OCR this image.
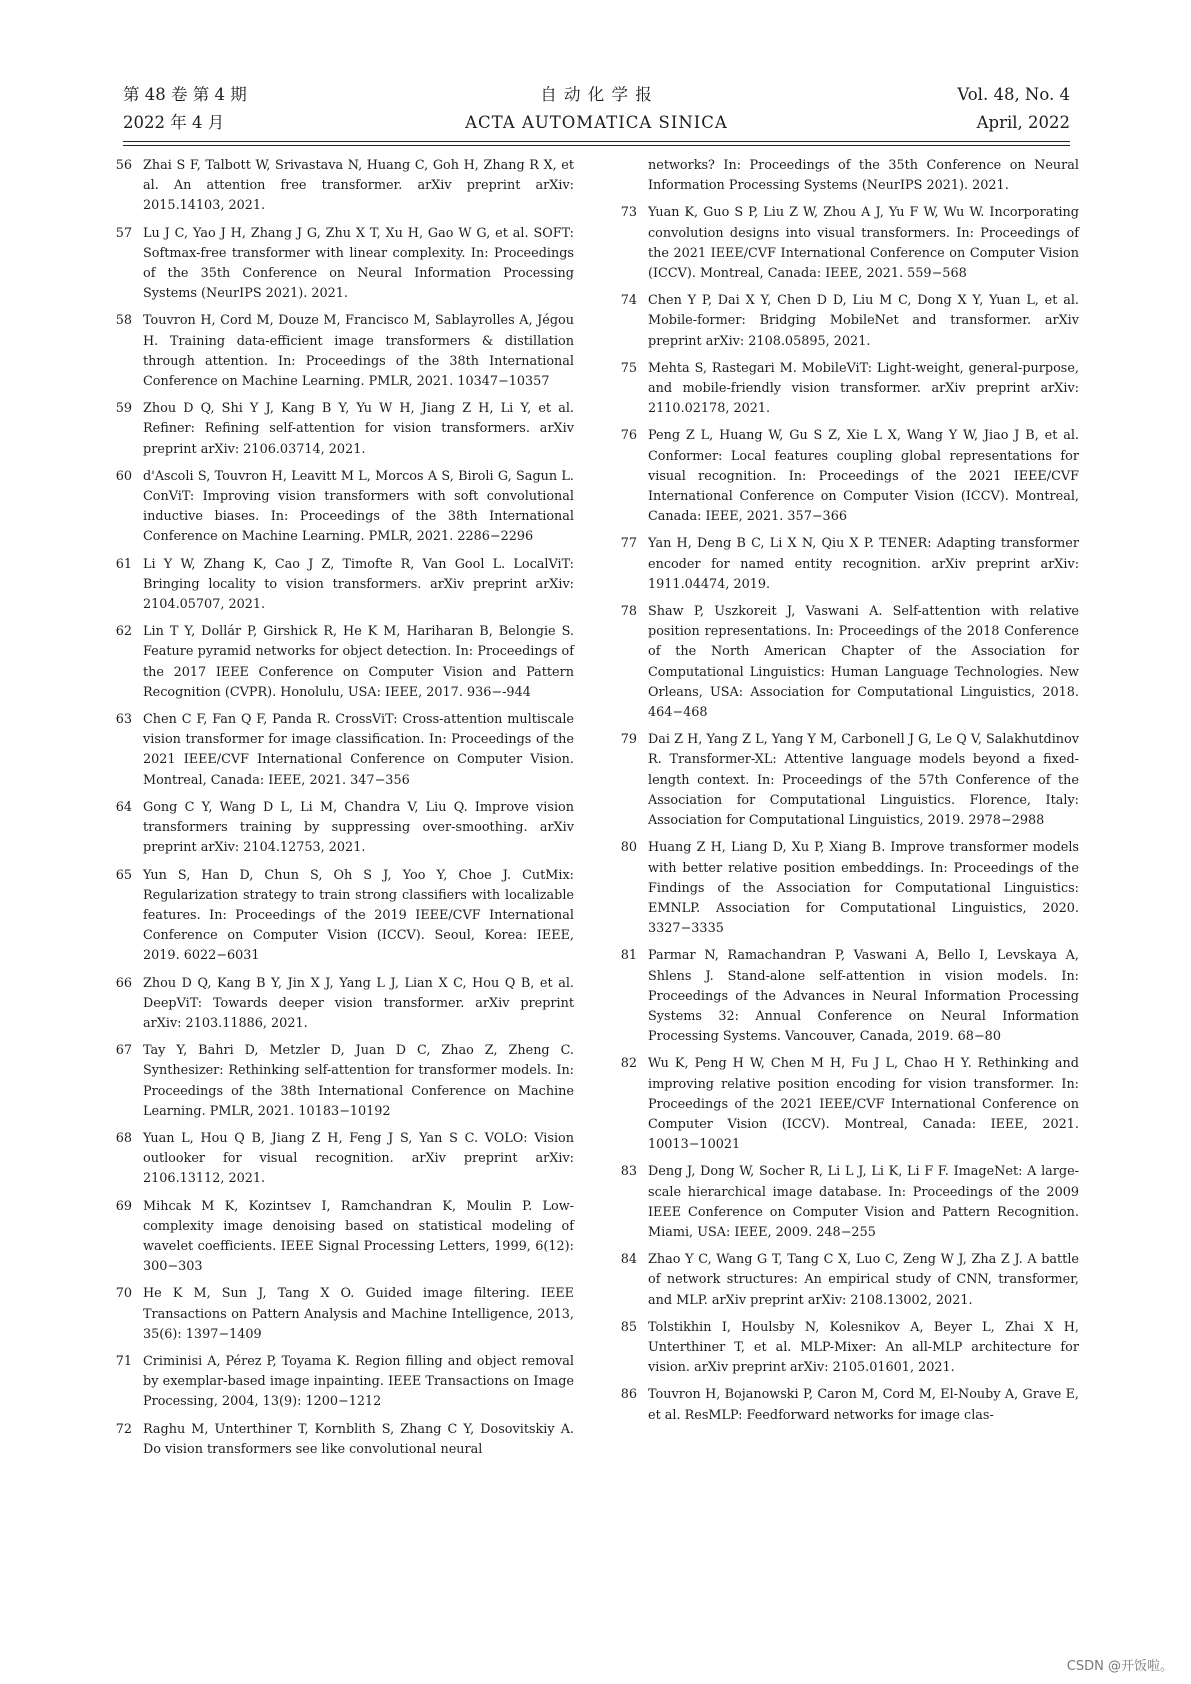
第 48 卷 第 4 期	自 动 化 学 报	Vol. 48, No. 4
2022 年 4 月	ACTA AUTOMATICA SINICA	April, 2022
56 Zhai S F, Talbott W, Srivastava N, Huang C, Goh H, Zhang R X, et al. An attention free transformer. arXiv preprint arXiv: 2015.14103, 2021.
57 Lu J C, Yao J H, Zhang J G, Zhu X T, Xu H, Gao W G, et al. SOFT: Softmax-free transformer with linear complexity. In: Proceedings of the 35th Conference on Neural Information Processing Systems (NeurIPS 2021). 2021.
58 Touvron H, Cord M, Douze M, Francisco M, Sablayrolles A, Jégou H. Training data-efficient image transformers & distillation through attention. In: Proceedings of the 38th International Conference on Machine Learning. PMLR, 2021. 10347−10357
59 Zhou D Q, Shi Y J, Kang B Y, Yu W H, Jiang Z H, Li Y, et al. Refiner: Refining self-attention for vision transformers. arXiv preprint arXiv: 2106.03714, 2021.
60 d'Ascoli S, Touvron H, Leavitt M L, Morcos A S, Biroli G, Sagun L. ConViT: Improving vision transformers with soft convolutional inductive biases. In: Proceedings of the 38th International Conference on Machine Learning. PMLR, 2021. 2286−2296
61 Li Y W, Zhang K, Cao J Z, Timofte R, Van Gool L. LocalViT: Bringing locality to vision transformers. arXiv preprint arXiv: 2104.05707, 2021.
62 Lin T Y, Dollár P, Girshick R, He K M, Hariharan B, Belongie S. Feature pyramid networks for object detection. In: Proceedings of the 2017 IEEE Conference on Computer Vision and Pattern Recognition (CVPR). Honolulu, USA: IEEE, 2017. 936−-944
63 Chen C F, Fan Q F, Panda R. CrossViT: Cross-attention multiscale vision transformer for image classification. In: Proceedings of the 2021 IEEE/CVF International Conference on Computer Vision. Montreal, Canada: IEEE, 2021. 347−356
64 Gong C Y, Wang D L, Li M, Chandra V, Liu Q. Improve vision transformers training by suppressing over-smoothing. arXiv preprint arXiv: 2104.12753, 2021.
65 Yun S, Han D, Chun S, Oh S J, Yoo Y, Choe J. CutMix: Regularization strategy to train strong classifiers with localizable features. In: Proceedings of the 2019 IEEE/CVF International Conference on Computer Vision (ICCV). Seoul, Korea: IEEE, 2019. 6022−6031
66 Zhou D Q, Kang B Y, Jin X J, Yang L J, Lian X C, Hou Q B, et al. DeepViT: Towards deeper vision transformer. arXiv preprint arXiv: 2103.11886, 2021.
67 Tay Y, Bahri D, Metzler D, Juan D C, Zhao Z, Zheng C. Synthesizer: Rethinking self-attention for transformer models. In: Proceedings of the 38th International Conference on Machine Learning. PMLR, 2021. 10183−10192
68 Yuan L, Hou Q B, Jiang Z H, Feng J S, Yan S C. VOLO: Vision outlooker for visual recognition. arXiv preprint arXiv: 2106.13112, 2021.
69 Mihcak M K, Kozintsev I, Ramchandran K, Moulin P. Low-complexity image denoising based on statistical modeling of wavelet coefficients. IEEE Signal Processing Letters, 1999, 6(12): 300−303
70 He K M, Sun J, Tang X O. Guided image filtering. IEEE Transactions on Pattern Analysis and Machine Intelligence, 2013, 35(6): 1397−1409
71 Criminisi A, Pérez P, Toyama K. Region filling and object removal by exemplar-based image inpainting. IEEE Transactions on Image Processing, 2004, 13(9): 1200−1212
72 Raghu M, Unterthiner T, Kornblith S, Zhang C Y, Dosovitskiy A. Do vision transformers see like convolutional neural
networks? In: Proceedings of the 35th Conference on Neural Information Processing Systems (NeurIPS 2021). 2021.
73 Yuan K, Guo S P, Liu Z W, Zhou A J, Yu F W, Wu W. Incorporating convolution designs into visual transformers. In: Proceedings of the 2021 IEEE/CVF International Conference on Computer Vision (ICCV). Montreal, Canada: IEEE, 2021. 559−568
74 Chen Y P, Dai X Y, Chen D D, Liu M C, Dong X Y, Yuan L, et al. Mobile-former: Bridging MobileNet and transformer. arXiv preprint arXiv: 2108.05895, 2021.
75 Mehta S, Rastegari M. MobileViT: Light-weight, general-purpose, and mobile-friendly vision transformer. arXiv preprint arXiv: 2110.02178, 2021.
76 Peng Z L, Huang W, Gu S Z, Xie L X, Wang Y W, Jiao J B, et al. Conformer: Local features coupling global representations for visual recognition. In: Proceedings of the 2021 IEEE/CVF International Conference on Computer Vision (ICCV). Montreal, Canada: IEEE, 2021. 357−366
77 Yan H, Deng B C, Li X N, Qiu X P. TENER: Adapting transformer encoder for named entity recognition. arXiv preprint arXiv: 1911.04474, 2019.
78 Shaw P, Uszkoreit J, Vaswani A. Self-attention with relative position representations. In: Proceedings of the 2018 Conference of the North American Chapter of the Association for Computational Linguistics: Human Language Technologies. New Orleans, USA: Association for Computational Linguistics, 2018. 464−468
79 Dai Z H, Yang Z L, Yang Y M, Carbonell J G, Le Q V, Salakhutdinov R. Transformer-XL: Attentive language models beyond a fixed-length context. In: Proceedings of the 57th Conference of the Association for Computational Linguistics. Florence, Italy: Association for Computational Linguistics, 2019. 2978−2988
80 Huang Z H, Liang D, Xu P, Xiang B. Improve transformer models with better relative position embeddings. In: Proceedings of the Findings of the Association for Computational Linguistics: EMNLP. Association for Computational Linguistics, 2020. 3327−3335
81 Parmar N, Ramachandran P, Vaswani A, Bello I, Levskaya A, Shlens J. Stand-alone self-attention in vision models. In: Proceedings of the Advances in Neural Information Processing Systems 32: Annual Conference on Neural Information Processing Systems. Vancouver, Canada, 2019. 68−80
82 Wu K, Peng H W, Chen M H, Fu J L, Chao H Y. Rethinking and improving relative position encoding for vision transformer. In: Proceedings of the 2021 IEEE/CVF International Conference on Computer Vision (ICCV). Montreal, Canada: IEEE, 2021. 10013−10021
83 Deng J, Dong W, Socher R, Li L J, Li K, Li F F. ImageNet: A large-scale hierarchical image database. In: Proceedings of the 2009 IEEE Conference on Computer Vision and Pattern Recognition. Miami, USA: IEEE, 2009. 248−255
84 Zhao Y C, Wang G T, Tang C X, Luo C, Zeng W J, Zha Z J. A battle of network structures: An empirical study of CNN, transformer, and MLP. arXiv preprint arXiv: 2108.13002, 2021.
85 Tolstikhin I, Houlsby N, Kolesnikov A, Beyer L, Zhai X H, Unterthiner T, et al. MLP-Mixer: An all-MLP architecture for vision. arXiv preprint arXiv: 2105.01601, 2021.
86 Touvron H, Bojanowski P, Caron M, Cord M, El-Nouby A, Grave E, et al. ResMLP: Feedforward networks for image clas-
CSDN @开饭啦。
